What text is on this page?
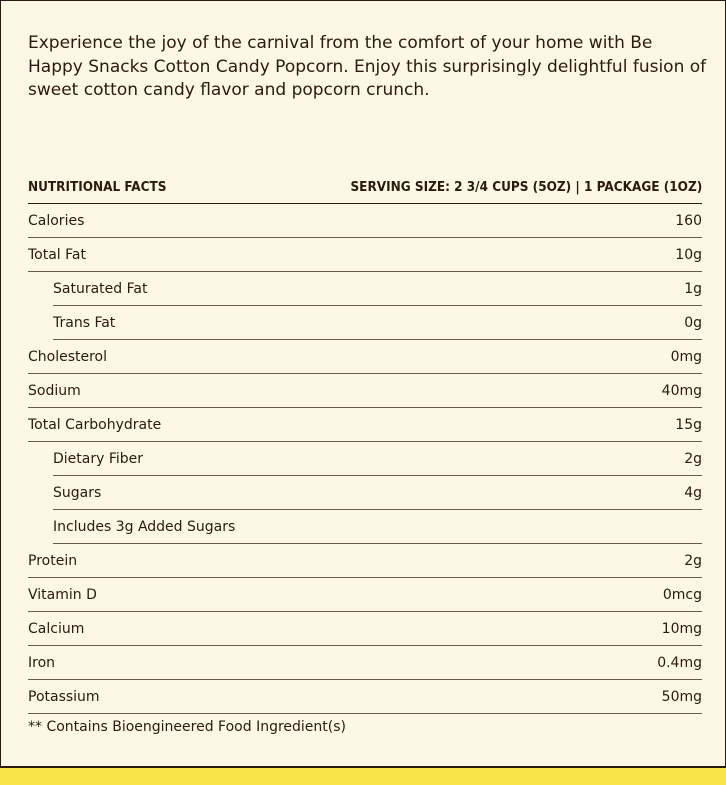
Experience the joy of the carnival from the comfort of your home with Be Happy Snacks Cotton Candy Popcorn. Enjoy this surprisingly delightful fusion of sweet cotton candy flavor and popcorn crunch.

NUTRITIONAL FACTS	SERVING SIZE: 2 3/4 CUPS (5OZ) | 1 PACKAGE (1OZ)
Calories	160
Total Fat	10g
Saturated Fat	1g
Trans Fat	0g
Cholesterol	0mg
Sodium	40mg
Total Carbohydrate	15g
Dietary Fiber	2g
Sugars	4g
Includes 3g Added Sugars
Protein	2g
Vitamin D	0mcg
Calcium	10mg
Iron	0.4mg
Potassium	50mg

** Contains Bioengineered Food Ingredient(s)
